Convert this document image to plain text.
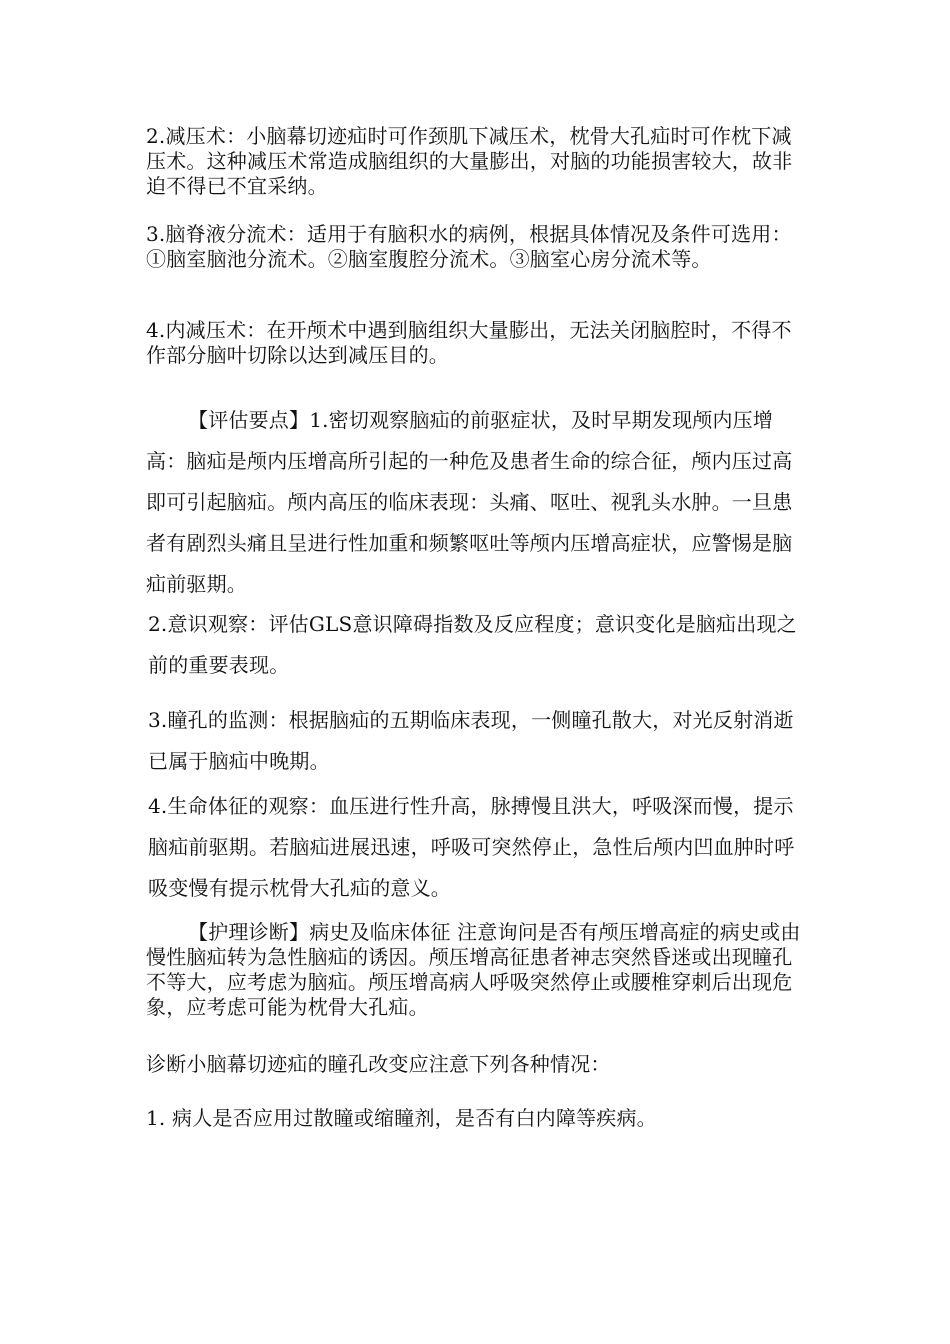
2.减压术：小脑幕切迹疝时可作颈肌下减压术，枕骨大孔疝时可作枕下减压术。这种减压术常造成脑组织的大量膨出，对脑的功能损害较大，故非迫不得已不宜采纳。

3.脑脊液分流术：适用于有脑积水的病例，根据具体情况及条件可选用：①脑室脑池分流术。②脑室腹腔分流术。③脑室心房分流术等。

4.内减压术：在开颅术中遇到脑组织大量膨出，无法关闭脑腔时，不得不作部分脑叶切除以达到减压目的。

【评估要点】1.密切观察脑疝的前驱症状，及时早期发现颅内压增高：脑疝是颅内压增高所引起的一种危及患者生命的综合征，颅内压过高即可引起脑疝。颅内高压的临床表现：头痛、呕吐、视乳头水肿。一旦患者有剧烈头痛且呈进行性加重和频繁呕吐等颅内压增高症状，应警惕是脑疝前驱期。

2.意识观察：评估GLS意识障碍指数及反应程度；意识变化是脑疝出现之前的重要表现。

3.瞳孔的监测：根据脑疝的五期临床表现，一侧瞳孔散大，对光反射消逝已属于脑疝中晚期。

4.生命体征的观察：血压进行性升高，脉搏慢且洪大，呼吸深而慢，提示脑疝前驱期。若脑疝进展迅速，呼吸可突然停止，急性后颅内凹血肿时呼吸变慢有提示枕骨大孔疝的意义。

【护理诊断】病史及临床体征 注意询问是否有颅压增高症的病史或由慢性脑疝转为急性脑疝的诱因。颅压增高征患者神志突然昏迷或出现瞳孔不等大，应考虑为脑疝。颅压增高病人呼吸突然停止或腰椎穿刺后出现危象，应考虑可能为枕骨大孔疝。

诊断小脑幕切迹疝的瞳孔改变应注意下列各种情况：

1. 病人是否应用过散瞳或缩瞳剂，是否有白内障等疾病。
